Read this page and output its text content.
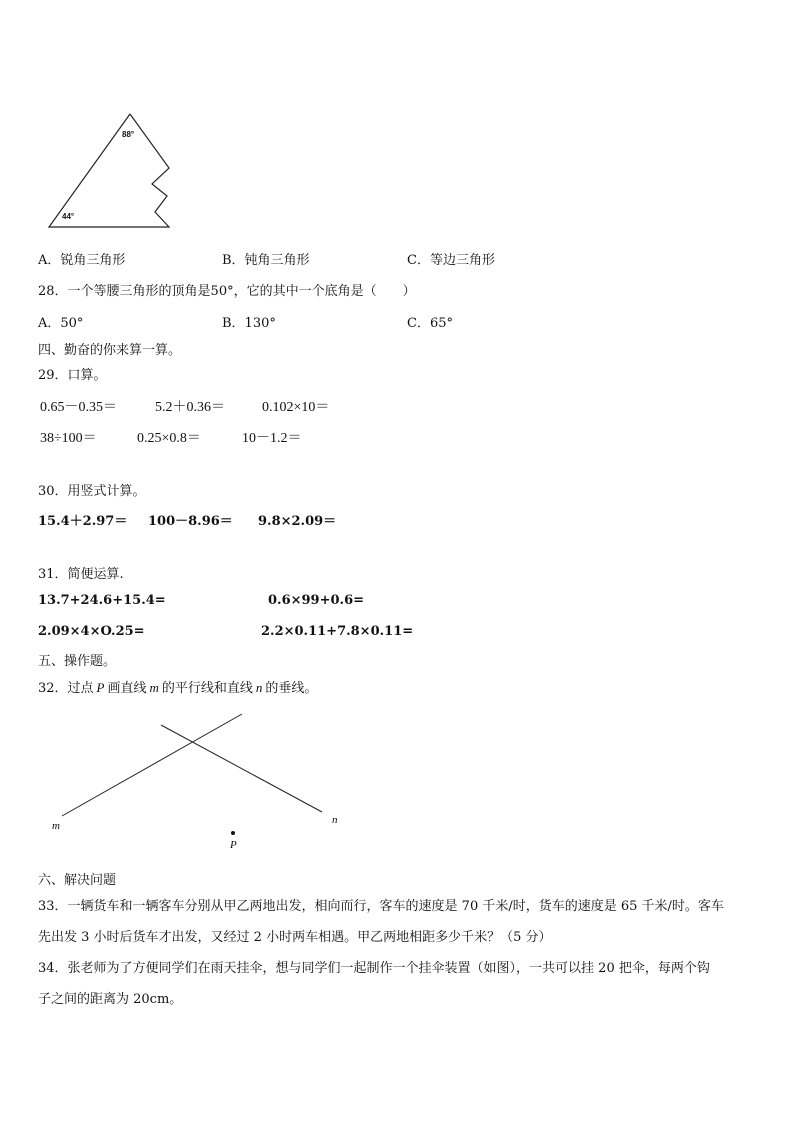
88°
44°
A．锐角三角形	B．钝角三角形	C．等边三角形
28．一个等腰三角形的顶角是50°，它的其中一个底角是（　　）
A．50°	B．130°	C．65°
四、勤奋的你来算一算。
29．口算。
0.65－0.35＝	5.2＋0.36＝	0.102×10＝
38÷100＝	0.25×0.8＝	10－1.2＝
30．用竖式计算。
15.4＋2.97＝ 100－8.96＝ 9.8×2.09＝
31．简便运算.
13.7+24.6+15.4=	0.6×99+0.6=
2.09×4×O.25=	2.2×0.11+7.8×0.11=
五、操作题。
32．过点 P 画直线 m 的平行线和直线 n 的垂线。
m	n
P
六、解决问题
33．一辆货车和一辆客车分别从甲乙两地出发，相向而行，客车的速度是 70 千米/时，货车的速度是 65 千米/时。客车
先出发 3 小时后货车才出发，又经过 2 小时两车相遇。甲乙两地相距多少千米？（5 分）
34．张老师为了方便同学们在雨天挂伞，想与同学们一起制作一个挂伞装置（如图），一共可以挂 20 把伞，每两个钩
子之间的距离为 20cm。
